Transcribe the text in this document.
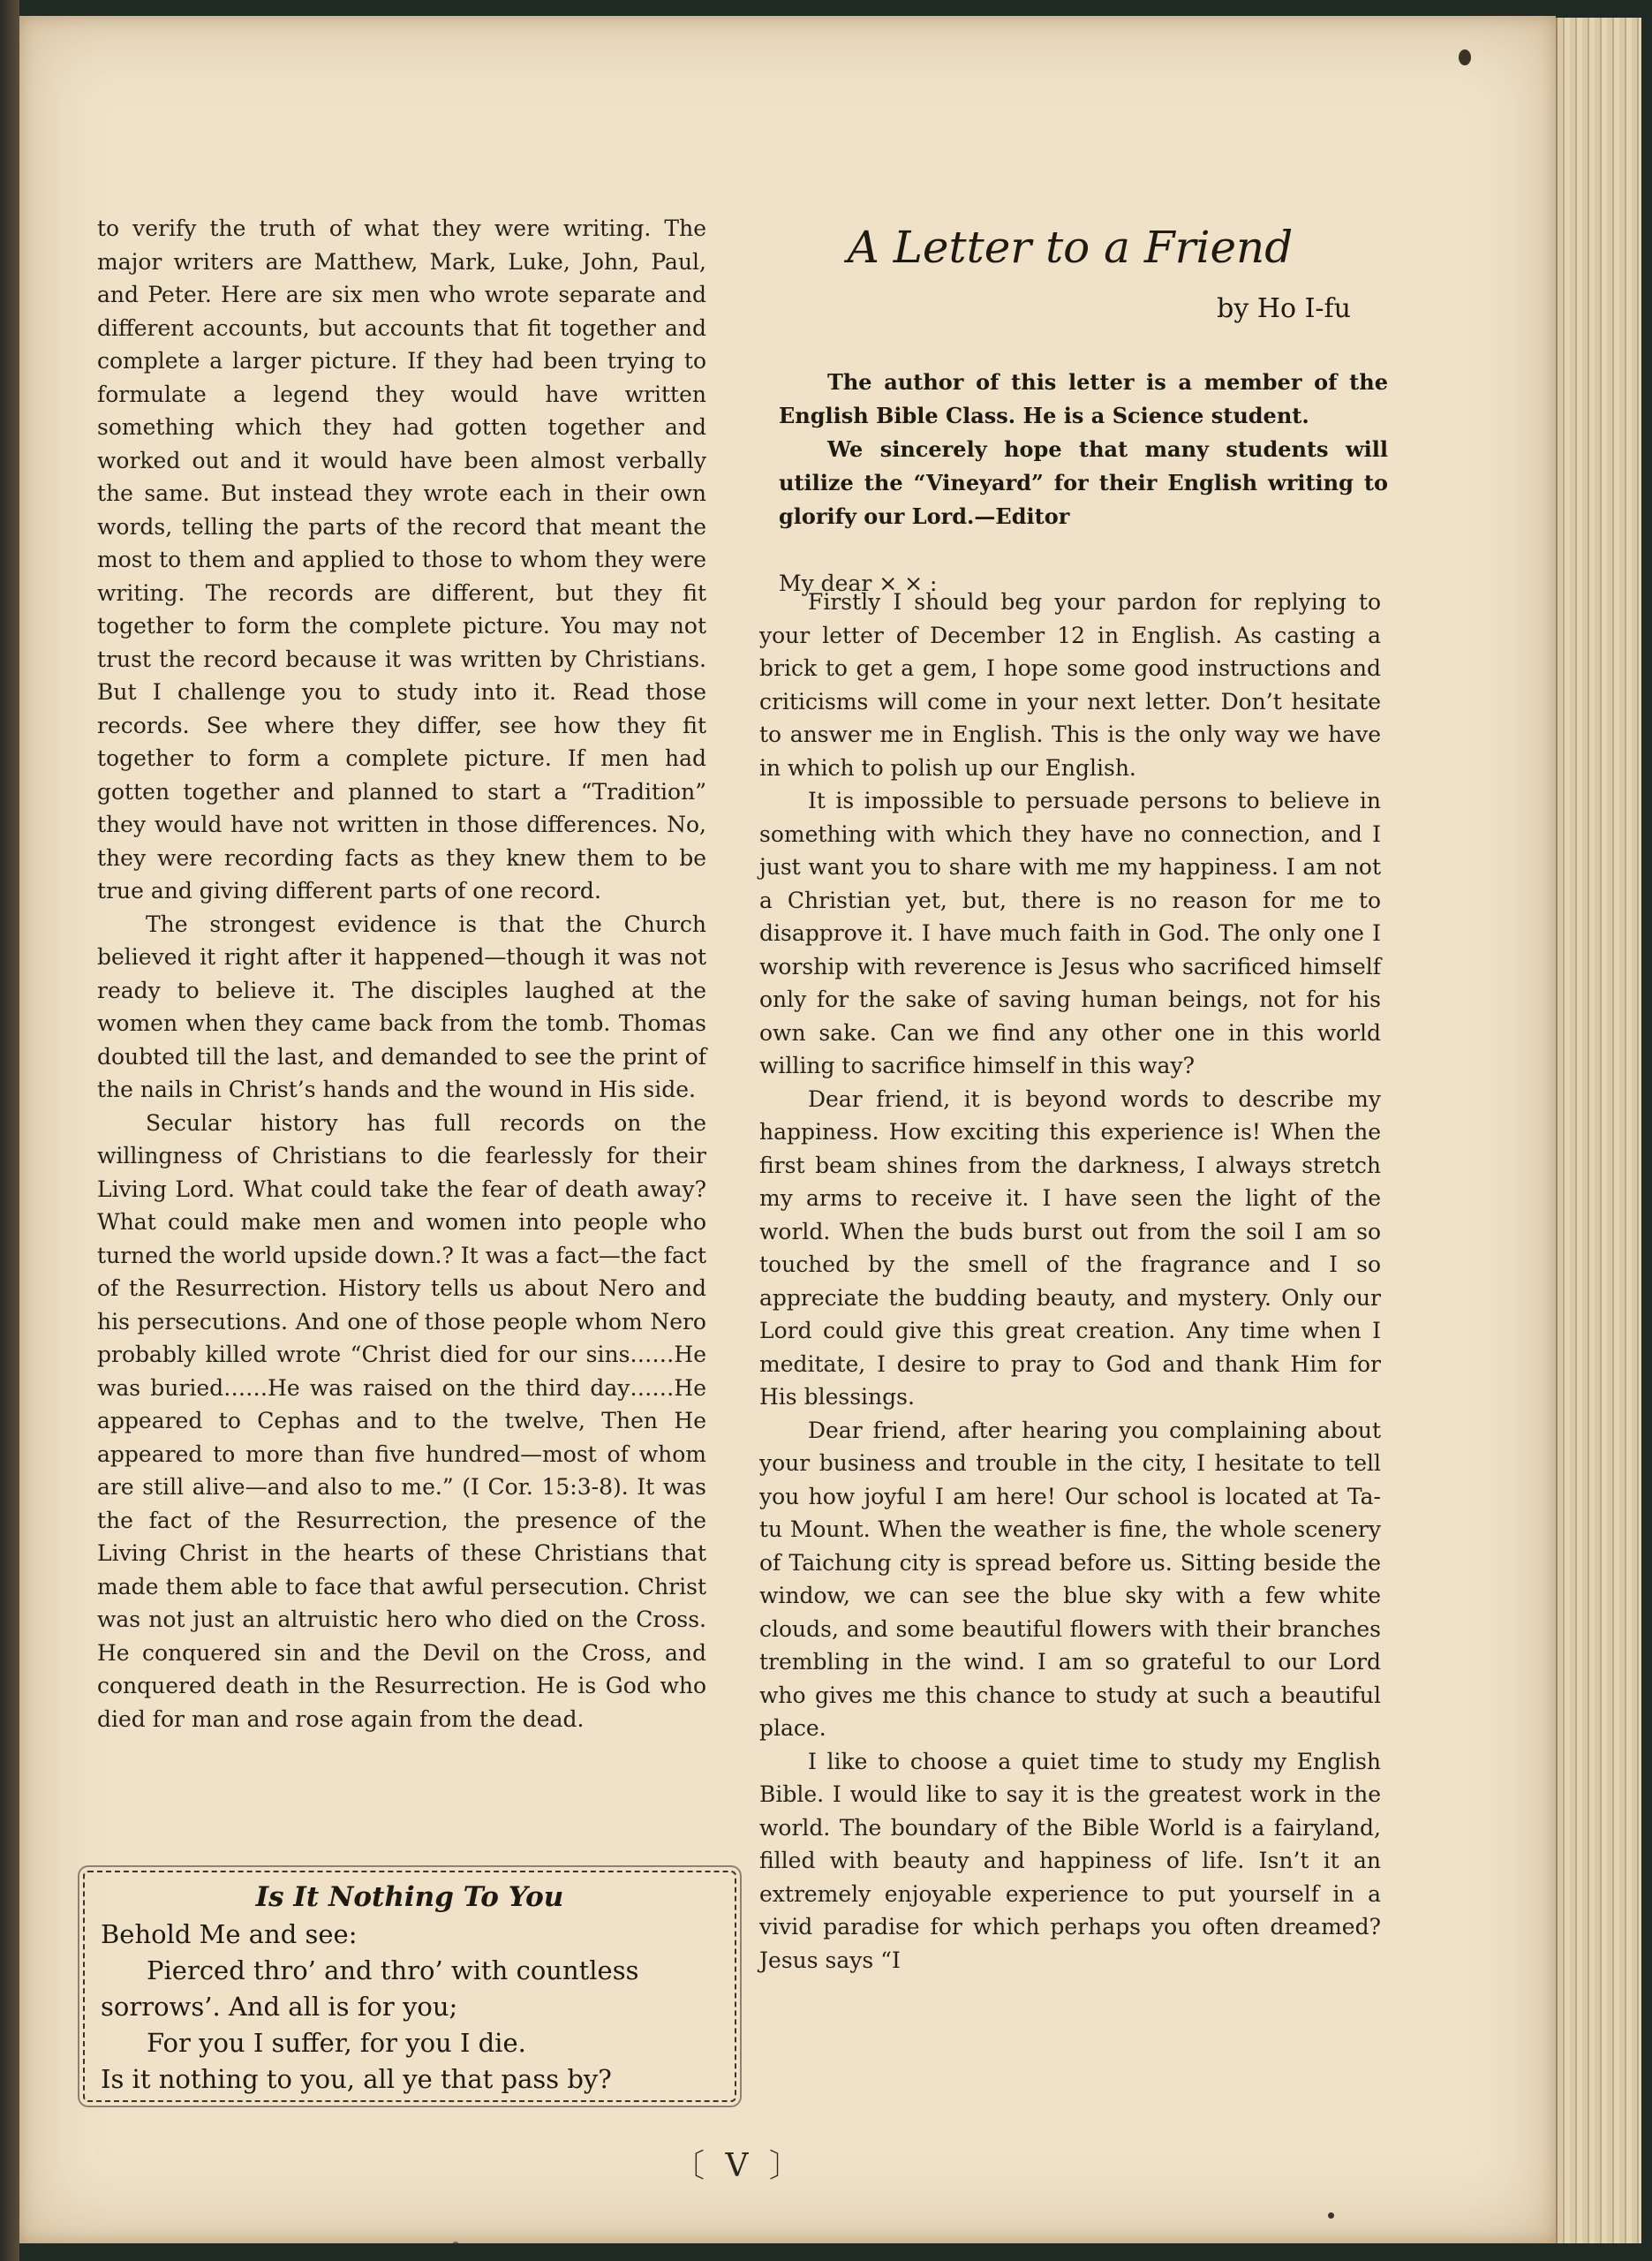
to verify the truth of what they were writing. The major writers are Matthew, Mark, Luke, John, Paul, and Peter. Here are six men who wrote separate and different accounts, but accounts that fit together and complete a larger picture. If they had been trying to formulate a legend they would have written something which they had gotten together and worked out and it would have been almost verbally the same. But instead they wrote each in their own words, telling the parts of the record that meant the most to them and applied to those to whom they were writing. The records are different, but they fit together to form the complete picture. You may not trust the record because it was written by Christians. But I challenge you to study into it. Read those records. See where they differ, see how they fit together to form a complete picture. If men had gotten together and planned to start a “Tradition” they would have not written in those differences. No, they were recording facts as they knew them to be true and giving different parts of one record.

The strongest evidence is that the Church believed it right after it happened—though it was not ready to believe it. The disciples laughed at the women when they came back from the tomb. Thomas doubted till the last, and demanded to see the print of the nails in Christ’s hands and the wound in His side.

Secular history has full records on the willingness of Christians to die fearlessly for their Living Lord. What could take the fear of death away? What could make men and women into people who turned the world upside down.? It was a fact—the fact of the Resurrection. History tells us about Nero and his persecutions. And one of those people whom Nero probably killed wrote “Christ died for our sins……He was buried……He was raised on the third day……He appeared to Cephas and to the twelve, Then He appeared to more than five hundred—most of whom are still alive—and also to me.” (I Cor. 15:3-8). It was the fact of the Resurrection, the presence of the Living Christ in the hearts of these Christians that made them able to face that awful persecution. Christ was not just an altruistic hero who died on the Cross. He conquered sin and the Devil on the Cross, and conquered death in the Resurrection. He is God who died for man and rose again from the dead.

Is It Nothing To You
Behold Me and see:
Pierced thro’ and thro’ with countless
sorrows’. And all is for you;
For you I suffer, for you I die.
Is it nothing to you, all ye that pass by?
A Letter to a Friend
by Ho I-fu

The author of this letter is a member of the English Bible Class. He is a Science student.

We sincerely hope that many students will utilize the “Vineyard” for their English writing to glorify our Lord.—Editor

My dear × × :

Firstly I should beg your pardon for replying to your letter of December 12 in English. As casting a brick to get a gem, I hope some good instructions and criticisms will come in your next letter. Don’t hesitate to answer me in English. This is the only way we have in which to polish up our English.

It is impossible to persuade persons to believe in something with which they have no connection, and I just want you to share with me my happiness. I am not a Christian yet, but, there is no reason for me to disapprove it. I have much faith in God. The only one I worship with reverence is Jesus who sacrificed himself only for the sake of saving human beings, not for his own sake. Can we find any other one in this world willing to sacrifice himself in this way?

Dear friend, it is beyond words to describe my happiness. How exciting this experience is! When the first beam shines from the darkness, I always stretch my arms to receive it. I have seen the light of the world. When the buds burst out from the soil I am so touched by the smell of the fragrance and I so appreciate the budding beauty, and mystery. Only our Lord could give this great creation. Any time when I meditate, I desire to pray to God and thank Him for His blessings.

Dear friend, after hearing you complaining about your business and trouble in the city, I hesitate to tell you how joyful I am here! Our school is located at Ta-tu Mount. When the weather is fine, the whole scenery of Taichung city is spread before us. Sitting beside the window, we can see the blue sky with a few white clouds, and some beautiful flowers with their branches trembling in the wind. I am so grateful to our Lord who gives me this chance to study at such a beautiful place.

I like to choose a quiet time to study my English Bible. I would like to say it is the greatest work in the world. The boundary of the Bible World is a fairyland, filled with beauty and happiness of life. Isn’t it an extremely enjoyable experience to put yourself in a vivid paradise for which perhaps you often dreamed? Jesus says “I

〔 V 〕
